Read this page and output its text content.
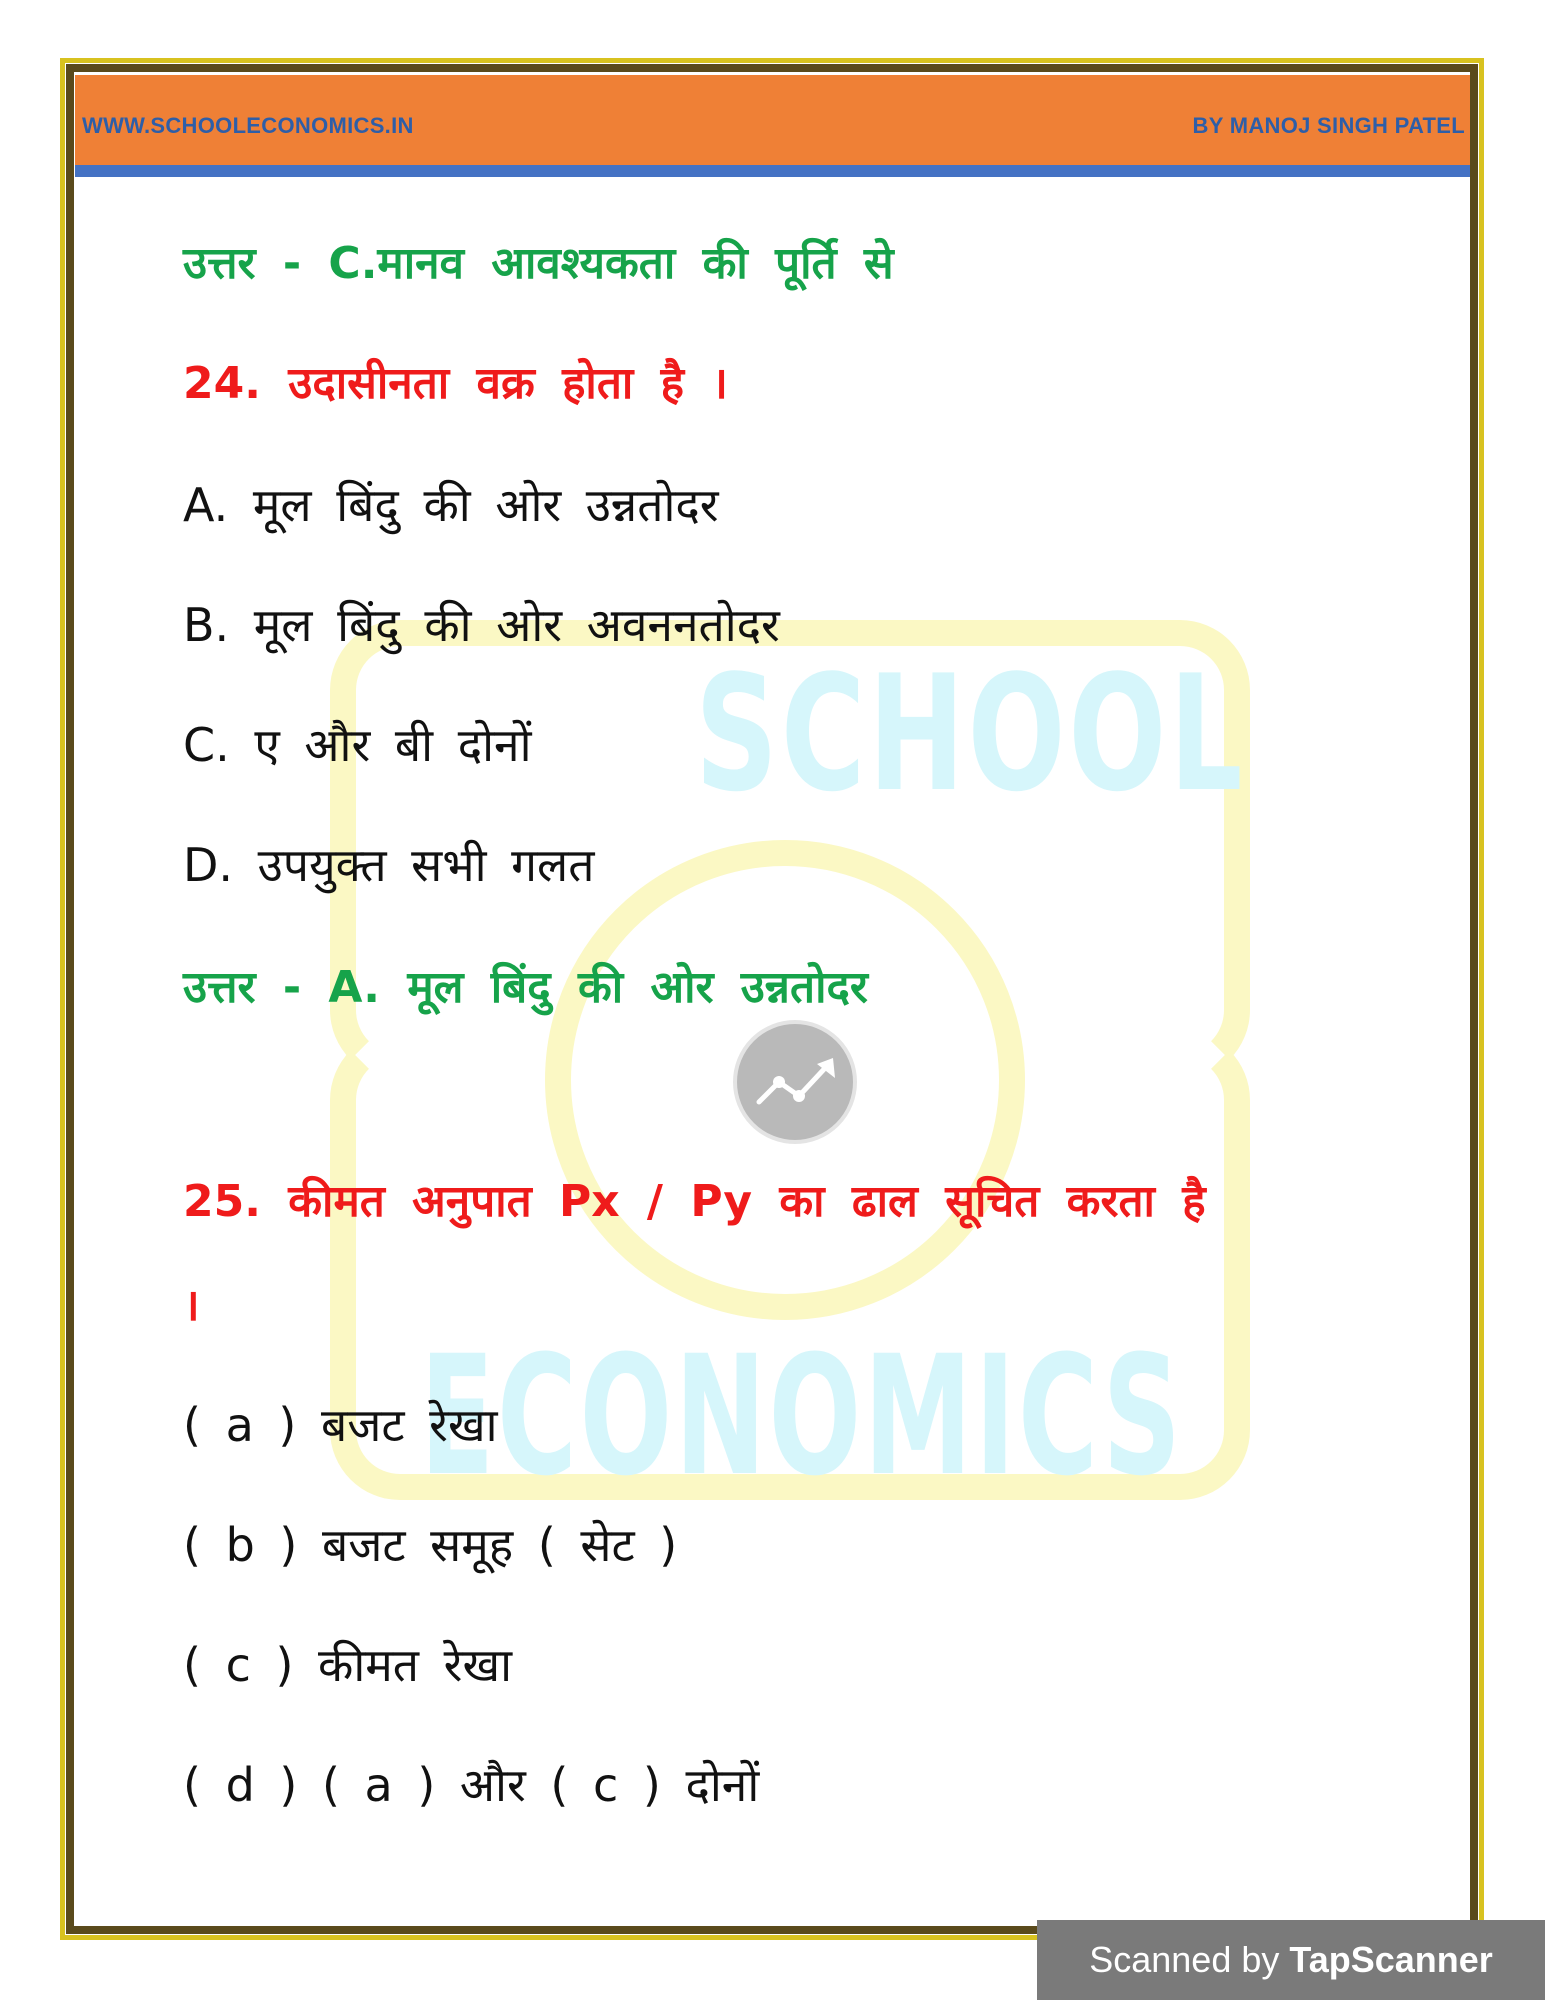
SCHOOL
ECONOMICS
WWW.SCHOOLECONOMICS.IN	BY MANOJ SINGH PATEL
उत्तर - C.मानव आवश्यकता की पूर्ति से
24. उदासीनता वक्र होता है ।
A. मूल बिंदु की ओर उन्नतोदर
B. मूल बिंदु की ओर अवननतोदर
C. ए और बी दोनों
D. उपयुक्त सभी गलत
उत्तर - A. मूल बिंदु की ओर उन्नतोदर
25. कीमत अनुपात Px / Py का ढाल सूचित करता है
।
( a ) बजट रेखा
( b ) बजट समूह ( सेट )
( c ) कीमत रेखा
( d ) ( a ) और ( c ) दोनों
Scanned by TapScanner
